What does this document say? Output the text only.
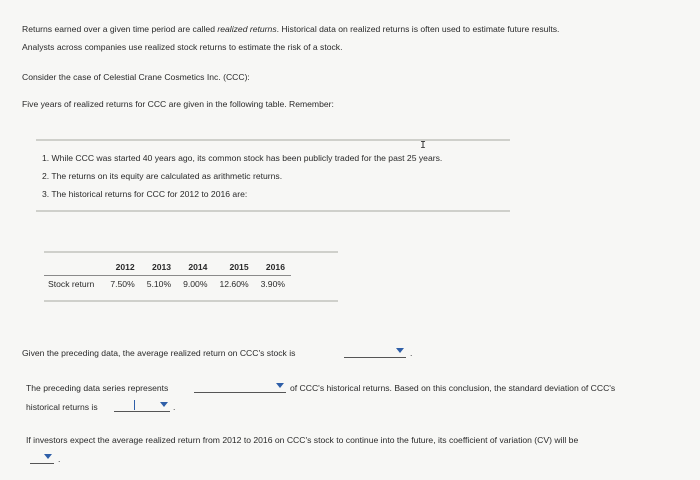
Returns earned over a given time period are called realized returns. Historical data on realized returns is often used to estimate future results.
Analysts across companies use realized stock returns to estimate the risk of a stock.
Consider the case of Celestial Crane Cosmetics Inc. (CCC):
Five years of realized returns for CCC are given in the following table. Remember:
1. While CCC was started 40 years ago, its common stock has been publicly traded for the past 25 years.
2. The returns on its equity are calculated as arithmetic returns.
3. The historical returns for CCC for 2012 to 2016 are:
I
	2012	2013	2014	2015	2016
Stock return	7.50%	5.10%	9.00%	12.60%	3.90%
Given the preceding data, the average realized return on CCC's stock is	.
The preceding data series represents	of CCC's historical returns. Based on this conclusion, the standard deviation of CCC's
historical returns is	.
If investors expect the average realized return from 2012 to 2016 on CCC's stock to continue into the future, its coefficient of variation (CV) will be
.
